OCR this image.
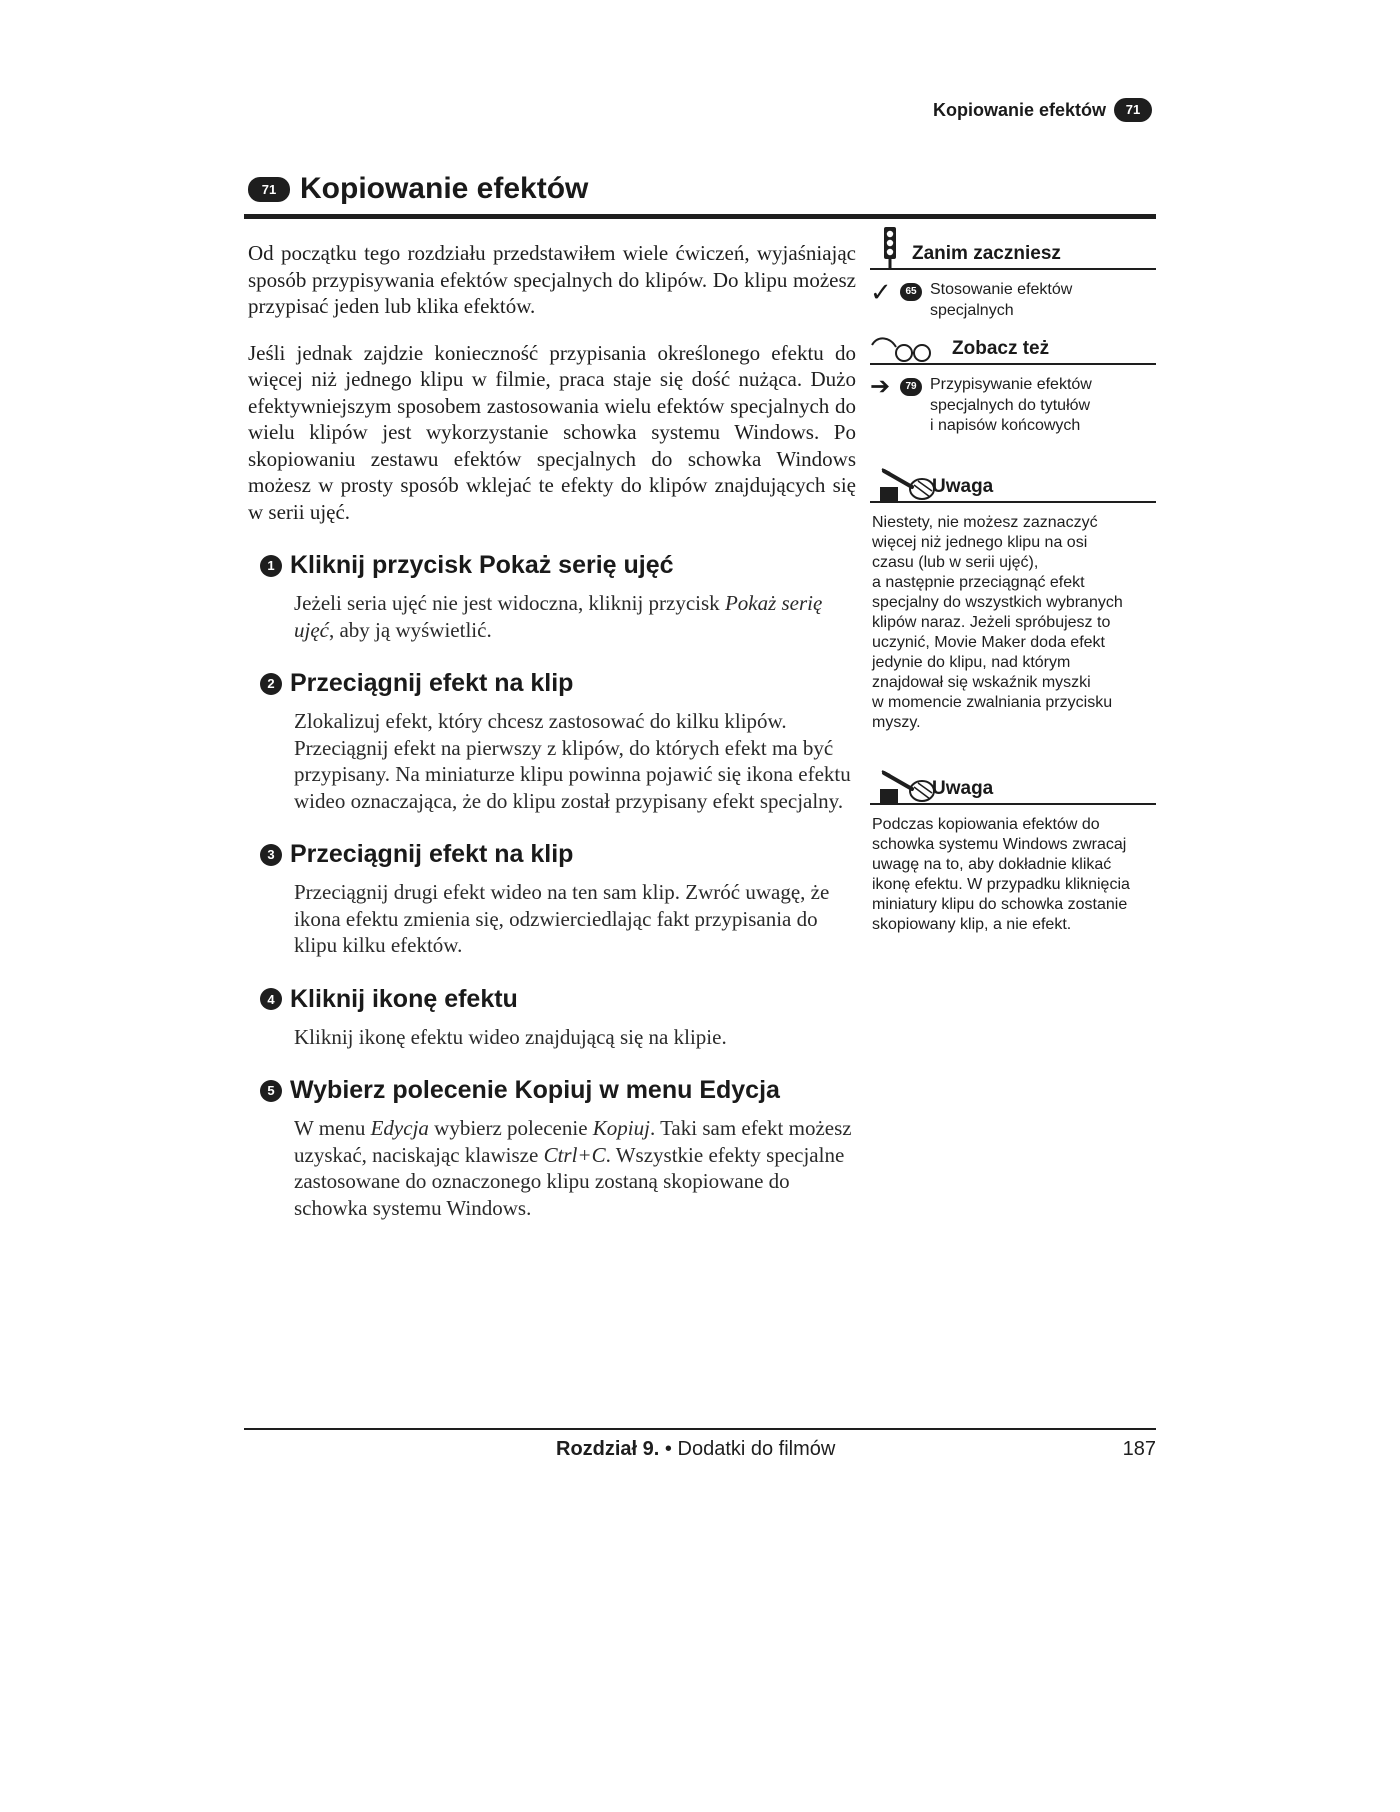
Kopiowanie efektów	71
71 Kopiowanie efektów

Od początku tego rozdziału przedstawiłem wiele ćwiczeń, wyjaśniając sposób przypisywania efektów specjalnych do klipów. Do klipu możesz przypisać jeden lub klika efektów.

Jeśli jednak zajdzie konieczność przypisania określonego efektu do więcej niż jednego klipu w filmie, praca staje się dość nużąca. Dużo efektywniejszym sposobem zastosowania wielu efektów specjalnych do wielu klipów jest wykorzystanie schowka systemu Windows. Po skopiowaniu zestawu efektów specjalnych do schowka Windows możesz w prosty sposób wklejać te efekty do klipów znajdujących się w serii ujęć.

1 Kliknij przycisk Pokaż serię ujęć
Jeżeli seria ujęć nie jest widoczna, kliknij przycisk Pokaż serię ujęć, aby ją wyświetlić.
2 Przeciągnij efekt na klip
Zlokalizuj efekt, który chcesz zastosować do kilku klipów. Przeciągnij efekt na pierwszy z klipów, do których efekt ma być przypisany. Na miniaturze klipu powinna pojawić się ikona efektu wideo oznaczająca, że do klipu został przypisany efekt specjalny.
3 Przeciągnij efekt na klip
Przeciągnij drugi efekt wideo na ten sam klip. Zwróć uwagę, że ikona efektu zmienia się, odzwierciedlając fakt przypisania do klipu kilku efektów.
4 Kliknij ikonę efektu
Kliknij ikonę efektu wideo znajdującą się na klipie.
5 Wybierz polecenie Kopiuj w menu Edycja
W menu Edycja wybierz polecenie Kopiuj. Taki sam efekt możesz uzyskać, naciskając klawisze Ctrl+C. Wszystkie efekty specjalne zastosowane do oznaczonego klipu zostaną skopiowane do schowka systemu Windows.
Zanim zaczniesz
✓	65 Stosowanie efektów
specjalnych
Zobacz też
➔	79 Przypisywanie efektów
specjalnych do tytułów
i napisów końcowych
Uwaga
Niestety, nie możesz zaznaczyć
więcej niż jednego klipu na osi
czasu (lub w serii ujęć),
a następnie przeciągnąć efekt
specjalny do wszystkich wybranych
klipów naraz. Jeżeli spróbujesz to
uczynić, Movie Maker doda efekt
jedynie do klipu, nad którym
znajdował się wskaźnik myszki
w momencie zwalniania przycisku
myszy.
Uwaga
Podczas kopiowania efektów do
schowka systemu Windows zwracaj
uwagę na to, aby dokładnie klikać
ikonę efektu. W przypadku kliknięcia
miniatury klipu do schowka zostanie
skopiowany klip, a nie efekt.
Rozdział 9. • Dodatki do filmów	187
